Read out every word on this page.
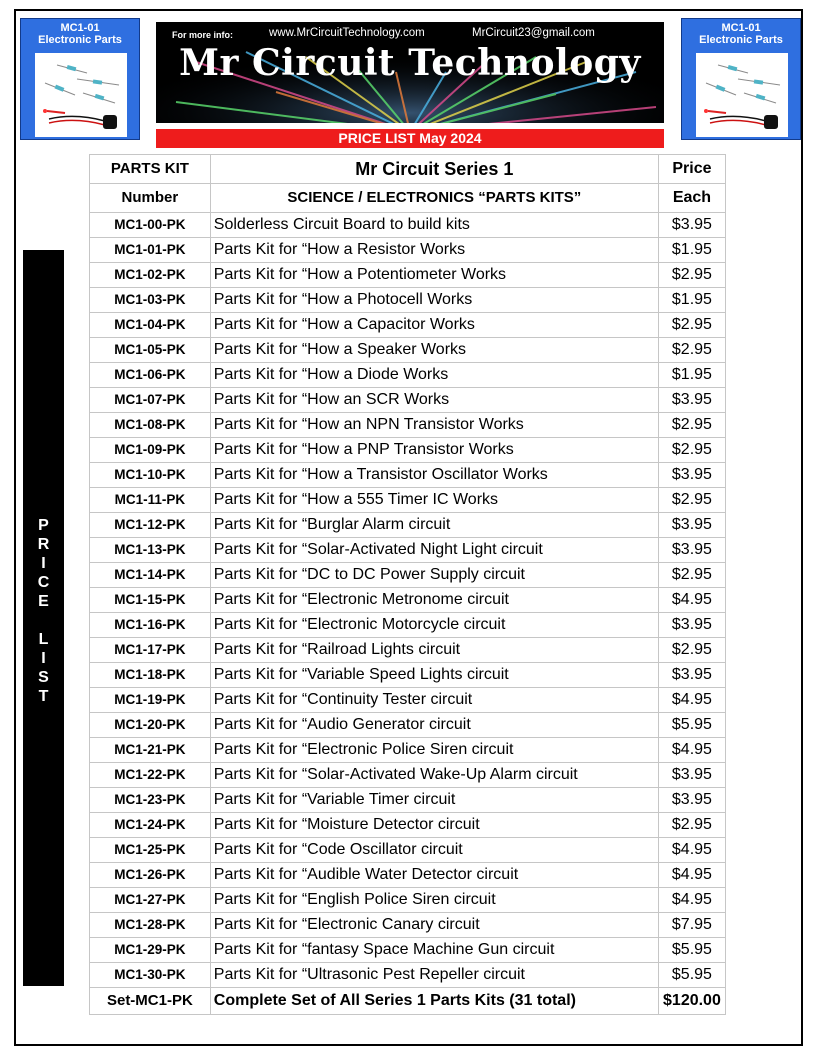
MC1-01
Electronic Parts
MC1-01
Electronic Parts
For more info:	www.MrCircuitTechnology.com	MrCircuit23@gmail.com
Mr Circuit Technology
PRICE LIST May 2024
P
R
I
C
E
L
I
S
T
PARTS KIT	Mr Circuit Series 1	Price
Number	SCIENCE / ELECTRONICS “PARTS KITS”	Each
MC1-00-PK	Solderless Circuit Board to build kits	$3.95
MC1-01-PK	Parts Kit for “How a Resistor Works	$1.95
MC1-02-PK	Parts Kit for “How a Potentiometer Works	$2.95
MC1-03-PK	Parts Kit for “How a Photocell Works	$1.95
MC1-04-PK	Parts Kit for “How a Capacitor Works	$2.95
MC1-05-PK	Parts Kit for “How a Speaker Works	$2.95
MC1-06-PK	Parts Kit for “How a Diode Works	$1.95
MC1-07-PK	Parts Kit for “How an SCR Works	$3.95
MC1-08-PK	Parts Kit for “How an NPN Transistor Works	$2.95
MC1-09-PK	Parts Kit for “How a PNP Transistor Works	$2.95
MC1-10-PK	Parts Kit for “How a Transistor Oscillator Works	$3.95
MC1-11-PK	Parts Kit for “How a 555 Timer IC Works	$2.95
MC1-12-PK	Parts Kit for “Burglar Alarm circuit	$3.95
MC1-13-PK	Parts Kit for “Solar-Activated Night Light circuit	$3.95
MC1-14-PK	Parts Kit for “DC to DC Power Supply circuit	$2.95
MC1-15-PK	Parts Kit for “Electronic Metronome circuit	$4.95
MC1-16-PK	Parts Kit for “Electronic Motorcycle circuit	$3.95
MC1-17-PK	Parts Kit for “Railroad Lights circuit	$2.95
MC1-18-PK	Parts Kit for “Variable Speed Lights circuit	$3.95
MC1-19-PK	Parts Kit for “Continuity Tester circuit	$4.95
MC1-20-PK	Parts Kit for “Audio Generator circuit	$5.95
MC1-21-PK	Parts Kit for “Electronic Police Siren circuit	$4.95
MC1-22-PK	Parts Kit for “Solar-Activated Wake-Up Alarm circuit	$3.95
MC1-23-PK	Parts Kit for “Variable Timer circuit	$3.95
MC1-24-PK	Parts Kit for “Moisture Detector circuit	$2.95
MC1-25-PK	Parts Kit for “Code Oscillator circuit	$4.95
MC1-26-PK	Parts Kit for “Audible Water Detector circuit	$4.95
MC1-27-PK	Parts Kit for “English Police Siren circuit	$4.95
MC1-28-PK	Parts Kit for “Electronic Canary circuit	$7.95
MC1-29-PK	Parts Kit for “fantasy Space Machine Gun circuit	$5.95
MC1-30-PK	Parts Kit for “Ultrasonic Pest Repeller circuit	$5.95
Set-MC1-PK	Complete Set of All Series 1 Parts Kits (31 total)	$120.00
